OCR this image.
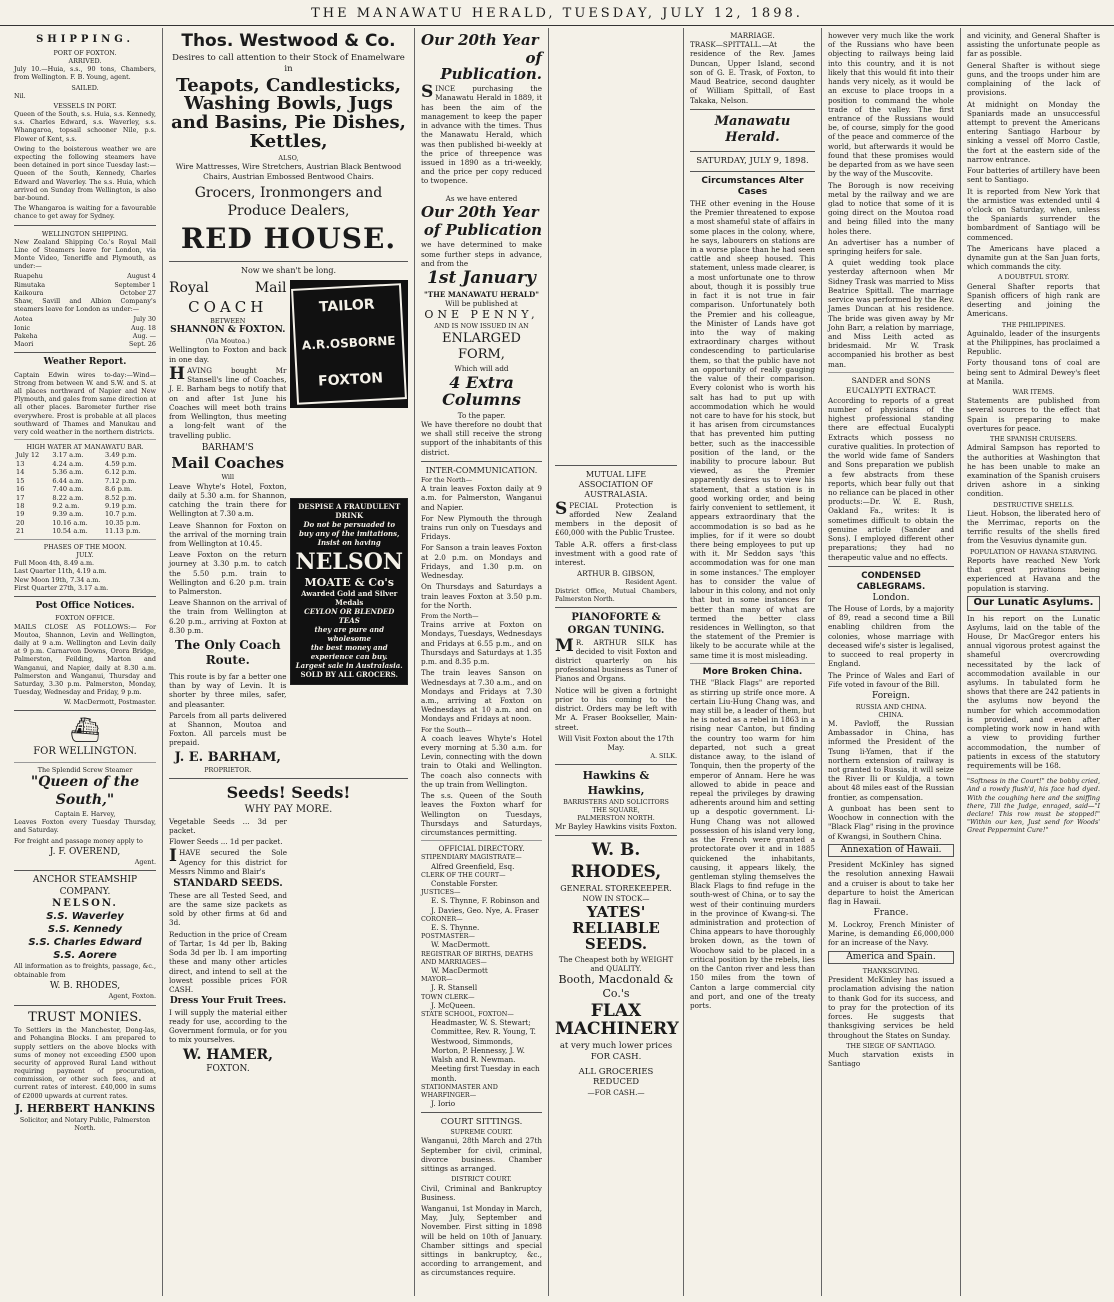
THE MANAWATU HERALD, TUESDAY, JULY 12, 1898.
SHIPPING.
PORT OF FOXTON.
ARRIVED.

July 10.—Huia, s.s., 90 tons, Chambers, from Wellington. F. B. Young, agent.

SAILED.

Nil.

VESSELS IN PORT.

Queen of the South, s.s. Huia, s.s. Kennedy, s.s. Charles Edward, s.s. Waverley, s.s. Whangaroa, topsail schooner Nile, p.s. Flower of Kent, s.s.

Owing to the boisterous weather we are expecting the following steamers have been detained in port since Tuesday last:— Queen of the South, Kennedy, Charles Edward and Waverley. The s.s. Huia, which arrived on Sunday from Wellington, is also bar-bound.

The Whangaroa is waiting for a favourable chance to get away for Sydney.

WELLINGTON SHIPPING.

New Zealand Shipping Co.'s Royal Mail Line of Steamers leave for London, via Monte Video, Teneriffe and Plymouth, as under:—

Ruapehu	August 4
Rimutaka	September 1
Kaikoura	October 27

Shaw, Savill and Albion Company's steamers leave for London as under:—

Aotea	July 30
Ionic	Aug. 18
Pakeha	Aug. —
Maori	Sept. 26
Weather Report.

Captain Edwin wires to-day:—Wind—Strong from between W. and S.W. and S. at all places northward of Napier and New Plymouth, and gales from same direction at all other places. Barometer further rise everywhere. Frost is probable at all places southward of Thames and Manukau and very cold weather in the northern districts.

HIGH WATER AT MANAWATU BAR.
July 12	3.17 a.m.	3.49 p.m.
13	4.24 a.m.	4.59 p.m.
14	5.36 a.m.	6.12 p.m.
15	6.44 a.m.	7.12 p.m.
16	7.40 a.m.	8.6 p.m.
17	8.22 a.m.	8.52 p.m.
18	9.2 a.m.	9.19 p.m.
19	9.39 a.m.	10.7 p.m.
20	10.16 a.m.	10.35 p.m.
21	10.54 a.m.	11.13 p.m.
PHASES OF THE MOON.
JULY.
Full Moon 4th, 8.49 a.m.
Last Quarter 11th, 4.19 a.m.
New Moon 19th, 7.34 a.m.
First Quarter 27th, 3.17 a.m.
Post Office Notices.
FOXTON OFFICE.

MAILS CLOSE AS FOLLOWS:— For Moutoa, Shannon, Levin and Wellington, daily at 9 a.m. Wellington and Levin daily at 9 p.m. Carnarvon Downs, Orora Bridge, Palmerston, Feilding, Marton and Wanganui, and Napier, daily at 8.30 a.m. Palmerston and Wanganui, Thursday and Saturday, 3.30 p.m. Palmerston, Monday, Tuesday, Wednesday and Friday, 9 p.m.

W. MacDermott, Postmaster.
⛴
FOR WELLINGTON.
The Splendid Screw Steamer
"Queen of the South,"
Captain E. Harvey,

Leaves Foxton every Tuesday Thursday, and Saturday.

For freight and passage money apply to

J. F. OVEREND,
Agent.
ANCHOR STEAMSHIP COMPANY.
NELSON.
S.S. Waverley
S.S. Kennedy
S.S. Charles Edward
S.S. Aorere

All information as to freights, passage, &c., obtainable from

W. B. RHODES,
Agent, Foxton.
TRUST MONIES.

To Settlers in the Manchester, Dong-las, and Pohangina Blocks. I am prepared to supply settlers on the above blocks with sums of money not exceeding £500 upon security of approved Rural Land without requiring payment of procuration, commission, or other such fees, and at current rates of interest. £40,000 in sums of £2000 upwards at current rates.

J. HERBERT HANKINS
Solicitor, and Notary Public, Palmerston North.
Thos. Westwood & Co.
Desires to call attention to their Stock of Enamelware in
Teapots, Candlesticks, Washing Bowls, Jugs and Basins, Pie Dishes, Kettles,
ALSO,
Wire Mattresses, Wire Stretchers, Austrian Black Bentwood Chairs, Austrian Embossed Bentwood Chairs.
Grocers, Ironmongers and Produce Dealers,
RED HOUSE.
Now we shan't be long.
Royal	Mail
COACH
BETWEEN
SHANNON & FOXTON.
(Via Moutoa.)

Wellington to Foxton and back in one day.

HAVING bought Mr Stansell's line of Coaches, J. E. Barham begs to notify that on and after 1st June his Coaches will meet both trains from Wellington, thus meeting a long-felt want of the travelling public.

BARHAM'S
Mail Coaches
Will

Leave Whyte's Hotel, Foxton, daily at 5.30 a.m. for Shannon, catching the train there for Wellington at 7.30 a.m.

Leave Shannon for Foxton on the arrival of the morning train from Wellington at 10.45.

Leave Foxton on the return journey at 3.30 p.m. to catch the 5.50 p.m. train to Wellington and 6.20 p.m. train to Palmerston.

Leave Shannon on the arrival of the train from Wellington at 6.20 p.m., arriving at Foxton at 8.30 p.m.

The Only Coach Route.

This route is by far a better one than by way of Levin. It is shorter by three miles, safer, and pleasanter.

Parcels from all parts delivered at Shannon, Moutoa and Foxton. All parcels must be prepaid.

J. E. BARHAM,
PROPRIETOR.
TAILOR
A.R.OSBORNE
FOXTON
DESPISE A FRAUDULENT DRINK
Do not be persuaded to buy any of the imitations,
Insist on having
NELSON
MOATE & Co's
Awarded Gold and Silver Medals
CEYLON OR BLENDED TEAS
they are pure and wholesome
the best money and experience can buy.
Largest sale in Australasia.
SOLD BY ALL GROCERS.
Seeds! Seeds!
WHY PAY MORE.

Vegetable Seeds ... 3d per packet.

Flower Seeds ... 1d per packet.

IHAVE secured the Sole Agency for this district for Messrs Nimmo and Blair's

STANDARD SEEDS.

These are all Tested Seed, and are the same size packets as sold by other firms at 6d and 3d.

Reduction in the price of Cream of Tartar, 1s 4d per lb, Baking Soda 3d per lb. I am importing these and many other articles direct, and intend to sell at the lowest possible prices FOR CASH.

Dress Your Fruit Trees.

I will supply the material either ready for use, according to the Government formula, or for you to mix yourselves.

W. HAMER,
FOXTON.
Our 20th Year
of Publication.

SINCE purchasing the Manawatu Herald in 1889, it has been the aim of the management to keep the paper in advance with the times. Thus the Manawatu Herald, which was then published bi-weekly at the price of threepence was issued in 1890 as a tri-weekly, and the price per copy reduced to twopence.

As we have entered
Our 20th Year
of Publication

we have determined to make some further steps in advance, and from the

1st January
"THE MANAWATU HERALD"
Will be published at
ONE PENNY,
AND IS NOW ISSUED IN AN
ENLARGED FORM,
Which will add
4 Extra Columns
To the paper.

We have therefore no doubt that we shall still receive the strong support of the inhabitants of this district.

INTER-COMMUNICATION.
For the North—

A train leaves Foxton daily at 9 a.m. for Palmerston, Wanganui and Napier.

For New Plymouth the through trains run only on Tuesdays and Fridays.

For Sanson a train leaves Foxton at 2.0 p.m. on Mondays and Fridays, and 1.30 p.m. on Wednesday.

On Thursdays and Saturdays a train leaves Foxton at 3.50 p.m. for the North.

From the North—

Trains arrive at Foxton on Mondays, Tuesdays, Wednesdays and Fridays at 6.55 p.m., and on Thursdays and Saturdays at 1.35 p.m. and 8.35 p.m.

The train leaves Sanson on Wednesdays at 7.30 a.m., and on Mondays and Fridays at 7.30 a.m., arriving at Foxton on Wednesdays at 10 a.m. and on Mondays and Fridays at noon.

For the South—

A coach leaves Whyte's Hotel every morning at 5.30 a.m. for Levin, connecting with the down train to Otaki and Wellington. The coach also connects with the up train from Wellington.

The s.s. Queen of the South leaves the Foxton wharf for Wellington on Tuesdays, Thursdays and Saturdays, circumstances permitting.

OFFICIAL DIRECTORY.
STIPENDIARY MAGISTRATE—
Alfred Greenfield, Esq.
CLERK OF THE COURT—
Constable Forster.
JUSTICES—
E. S. Thynne, F. Robinson and J. Davies, Geo. Nye, A. Fraser
CORONER—
E. S. Thynne.
POSTMASTER—
W. MacDermott.
REGISTRAR OF BIRTHS, DEATHS AND MARRIAGES—
W. MacDermott
MAYOR—
J. R. Stansell
TOWN CLERK—
J. McQueen.
STATE SCHOOL, FOXTON—
Headmaster, W. S. Stewart; Committee, Rev. R. Young, T. Westwood, Simmonds, Morton, P. Hennessy, J. W. Walsh and R. Newman. Meeting first Tuesday in each month.
STATIONMASTER AND WHARFINGER—
J. Iorio
COURT SITTINGS.
SUPREME COURT.

Wanganui, 28th March and 27th September for civil, criminal, divorce business. Chamber sittings as arranged.

DISTRICT COURT.

Civil, Criminal and Bankruptcy Business.

Wanganui, 1st Monday in March, May, July, September and November. First sitting in 1898 will be held on 10th of January. Chamber sittings and special sittings in bankruptcy, &c., according to arrangement, and as circumstances require.

MUTUAL LIFE ASSOCIATION OF AUSTRALASIA.

SPECIAL Protection is afforded New Zealand members in the deposit of £60,000 with the Public Trustee.

Table A.R. offers a first-class investment with a good rate of interest.

ARTHUR B. GIBSON,
Resident Agent.

District Office, Mutual Chambers, Palmerston North.

PIANOFORTE & ORGAN TUNING.

MR. ARTHUR SILK has decided to visit Foxton and district quarterly on his professional business as Tuner of Pianos and Organs.

Notice will be given a fortnight prior to his coming to the district. Orders may be left with Mr A. Fraser Bookseller, Main-street.

Will Visit Foxton about the 17th May.
A. SILK.
Hawkins & Hawkins,
BARRISTERS AND SOLICITORS
THE SQUARE,
PALMERSTON NORTH.
Mr Bayley Hawkins visits Foxton.
W. B. RHODES,
GENERAL STOREKEEPER.
NOW IN STOCK—
YATES' RELIABLE SEEDS.
The Cheapest both by WEIGHT and QUALITY.
Booth, Macdonald & Co.'s
FLAX MACHINERY
at very much lower prices FOR CASH.
ALL GROCERIES REDUCED
—FOR CASH.—
MARRIAGE.

TRASK—SPITTALL.—At the residence of the Rev. James Duncan, Upper Island, second son of G. E. Trask, of Foxton, to Maud Beatrice, second daughter of William Spittall, of East Takaka, Nelson.

Manawatu Herald.
SATURDAY, JULY 9, 1898.
Circumstances Alter Cases

THE other evening in the House the Premier threatened to expose a most shameful state of affairs in some places in the colony, where, he says, labourers on stations are in a worse place than he had seen cattle and sheep housed. This statement, unless made clearer, is a most unfortunate one to throw about, though it is possibly true in fact it is not true in fair comparison. Unfortunately both the Premier and his colleague, the Minister of Lands have got into the way of making extraordinary charges without condescending to particularise them, so that the public have not an opportunity of really gauging the value of their comparison. Every colonist who is worth his salt has had to put up with accommodation which he would not care to have for his stock, but it has arisen from circumstances that has prevented him putting better, such as the inaccessible position of the land, or the inability to procure labour. But viewed, as the Premier apparently desires us to view his statement, that a station is in good working order, and being fairly convenient to settlement, it appears extraordinary that the accommodation is so bad as he implies, for if it were so doubt there being employees to put up with it. Mr Seddon says 'this accommodation was for one man in some instances.' The employer has to consider the value of labour in this colony, and not only that but in some instances for better than many of what are termed the better class residences in Wellington, so that the statement of the Premier is likely to be accurate while at the same time it is most misleading.

More Broken China.

THE "Black Flags" are reported as stirring up strife once more. A certain Liu-Hung Chang was, and may still be, a leader of them, but he is noted as a rebel in 1863 in a rising near Canton, but finding the country too warm for him departed, not such a great distance away, to the island of Tonquin, then the property of the emperor of Annam. Here he was allowed to abide in peace and repeal the privileges by drawing adherents around him and setting up a despotic government. Li-Hung Chang was not allowed possession of his island very long, as the French were granted a protectorate over it and in 1885 quickened the inhabitants, causing, it appears likely, the gentleman styling themselves the Black Flags to find refuge in the south-west of China, or to say the west of their continuing murders in the province of Kwang-si. The administration and protection of China appears to have thoroughly broken down, as the town of Woochow said to be placed in a critical position by the rebels, lies on the Canton river and less than 150 miles from the town of Canton a large commercial city and port, and one of the treaty ports.

however very much like the work of the Russians who have been objecting to railways being laid into this country, and it is not likely that this would fit into their hands very nicely, as it would be an excuse to place troops in a position to command the whole trade of the valley. The first entrance of the Russians would be, of course, simply for the good of the peace and commerce of the world, but afterwards it would be found that these promises would be departed from as we have seen by the way of the Muscovite.

The Borough is now receiving metal by the railway and we are glad to notice that some of it is going direct on the Moutoa road and being filled into the many holes there.

An advertiser has a number of springing heifers for sale.

A quiet wedding took place yesterday afternoon when Mr Sidney Trask was married to Miss Beatrice Spittall. The marriage service was performed by the Rev. James Duncan at his residence. The bride was given away by Mr John Barr, a relation by marriage, and Miss Leith acted as bridesmaid. Mr W. Trask accompanied his brother as best man.

SANDER and SONS EUCALYPTI EXTRACT.

According to reports of a great number of physicians of the highest professional standing there are effectual Eucalypti Extracts which possess no curative qualities. In protection of the world wide fame of Sanders and Sons preparation we publish a few abstracts from these reports, which bear fully out that no reliance can be placed in other products:—Dr. W. E. Rush, Oakland Fa., writes: It is sometimes difficult to obtain the genuine article (Sander and Sons). I employed different other preparations; they had no therapeutic value and no effects.

CONDENSED CABLEGRAMS.
London.

The House of Lords, by a majority of 89, read a second time a Bill enabling children from the colonies, whose marriage with deceased wife's sister is legalised, to succeed to real property in England.

The Prince of Wales and Earl of Fife voted in favour of the Bill.

Foreign.
RUSSIA AND CHINA.
CHINA.

M. Pavloff, the Russian Ambassador in China, has informed the President of the Tsung li-Yamen, that if the northern extension of railway is not granted to Russia, it will seize the River Ili or Kuldja, a town about 48 miles east of the Russian frontier, as compensation.

A gunboat has been sent to Woochow in connection with the "Black Flag" rising in the province of Kwangsi, in Southern China.

Annexation of Hawaii.

President McKinley has signed the resolution annexing Hawaii and a cruiser is about to take her departure to hoist the American flag in Hawaii.

France.

M. Lockroy, French Minister of Marine, is demanding £6,000,000 for an increase of the Navy.

America and Spain.
THANKSGIVING.

President McKinley has issued a proclamation advising the nation to thank God for its success, and to pray for the protection of its forces. He suggests that thanksgiving services be held throughout the States on Sunday.

THE SIEGE OF SANTIAGO.

Much starvation exists in Santiago

and vicinity, and General Shafter is assisting the unfortunate people as far as possible.

General Shafter is without siege guns, and the troops under him are complaining of the lack of provisions.

At midnight on Monday the Spaniards made an unsuccessful attempt to prevent the Americans entering Santiago Harbour by sinking a vessel off Morro Castle, the fort at the eastern side of the narrow entrance.

Four batteries of artillery have been sent to Santiago.

It is reported from New York that the armistice was extended until 4 o'clock on Saturday, when, unless the Spaniards surrender the bombardment of Santiago will be commenced.

The Americans have placed a dynamite gun at the San Juan forts, which commands the city.

A DOUBTFUL STORY.

General Shafter reports that Spanish officers of high rank are deserting and joining the Americans.

THE PHILIPPINES.

Aguinaldo, leader of the insurgents at the Philippines, has proclaimed a Republic.

Forty thousand tons of coal are being sent to Admiral Dewey's fleet at Manila.

WAR ITEMS.

Statements are published from several sources to the effect that Spain is preparing to make overtures for peace.

THE SPANISH CRUISERS.

Admiral Sampson has reported to the authorities at Washington that he has been unable to make an examination of the Spanish cruisers driven ashore in a sinking condition.

DESTRUCTIVE SHELLS.

Lieut. Hobson, the liberated hero of the Merrimac, reports on the terrific results of the shells fired from the Vesuvius dynamite gun.

POPULATION OF HAVANA STARVING.

Reports have reached New York that great privations being experienced at Havana and the population is starving.

Our Lunatic Asylums.

In his report on the Lunatic Asylums, laid on the table of the House, Dr MacGregor enters his annual vigorous protest against the shameful overcrowding necessitated by the lack of accommodation available in our asylums. In tabulated form he shows that there are 242 patients in the asylums now beyond the number for which accommodation is provided, and even after completing work now in hand with a view to providing further accommodation, the number of patients in excess of the statutory requirements will be 168.

"Softness in the Court!" the bobby cried, And a rowdy flush'd, his face had dyed. With the coughing here and the sniffing there, Till the Judge, enraged, said—"I declare! This row must be stopped!" "Within our ken, Just send for Woods' Great Peppermint Cure!"
